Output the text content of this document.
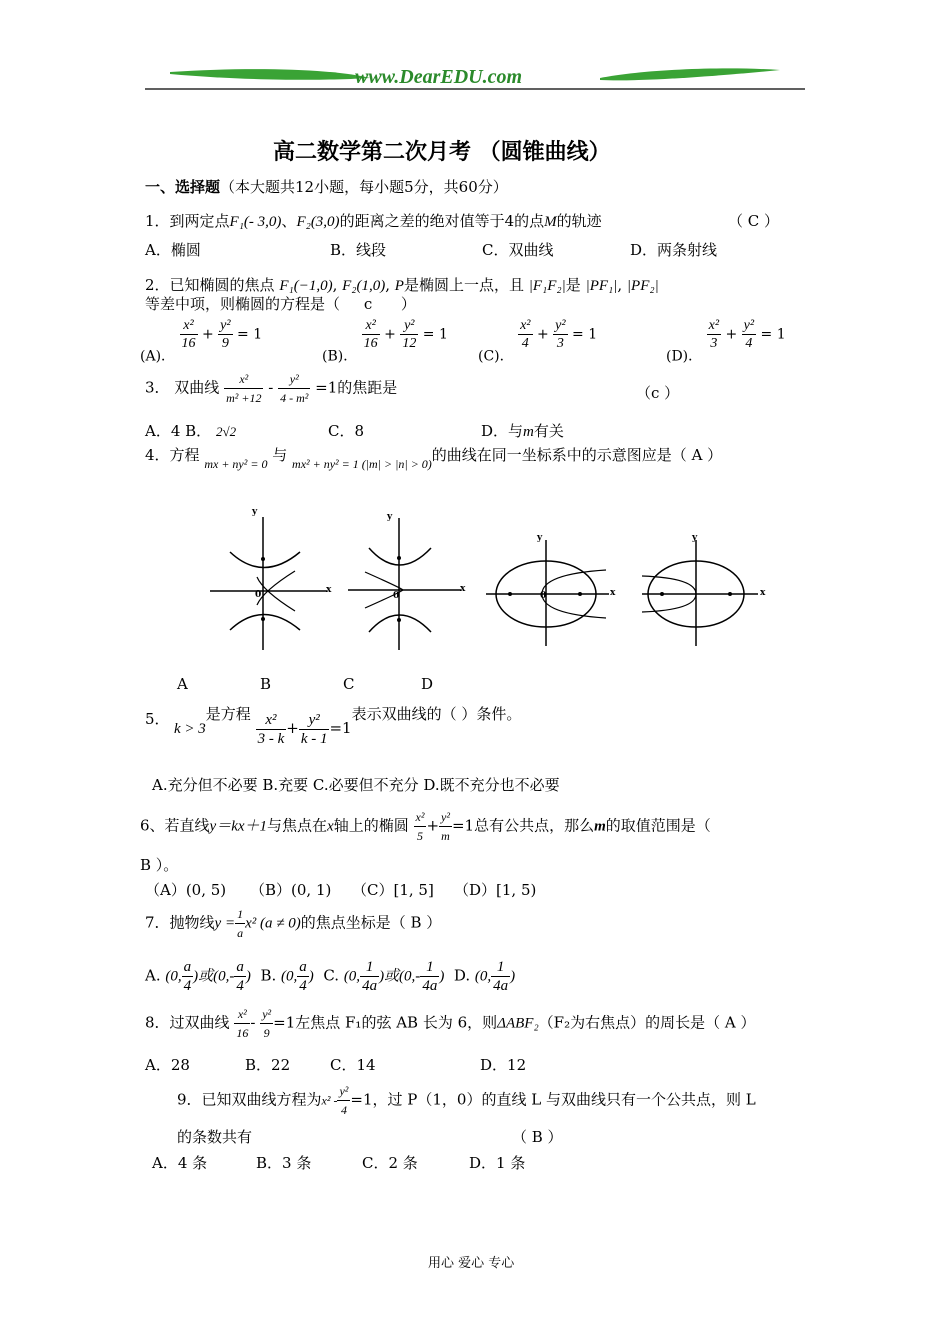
www.DearEDU.com
高二数学第二次月考 （圆锥曲线）
一、选择题（本大题共12小题，每小题5分，共60分）
1．到两定点F₁(- 3,0)、F₂(3,0)的距离之差的绝对值等于4的点M的轨迹	（ C ）
A．椭圆	B．线段	C．双曲线	D．两条射线
2．已知椭圆的焦点 F₁(−1,0), F₂(1,0), P是椭圆上一点，且 |F₁F₂|是 |PF₁|, |PF₂|
等差中项，则椭圆的方程是（ c ）
(A)．
$\frac{\text{x²}}{16} + \frac{\text{y²}}{9} = 1$
(B)．
$\frac{\text{x²}}{16} + \frac{\text{y²}}{12} = 1$
(C)．
$\frac{\text{x²}}{4} + \frac{\text{y²}}{3} = 1$
(D)．
$\frac{\text{x²}}{3} + \frac{\text{y²}}{4} = 1$
3． 双曲线 $\frac{\text{x²}}{\text{m² +12}} - \frac{\text{y²}}{\text{4 - m²}} =1$的焦距是	（c ）
A．4 B． 2√2	C．8	D．与m有关
4．方程 $_{mx + ny^2 = 0}$ 与 $_{mx^2 + ny^2 = 1 (|m| > |n| > 0)}$的曲线在同一坐标系中的示意图应是（ A ）
y
x
0
y
x
0
y
x
0
y
x
A	B	C	D
5．
k > 3是方程 $\frac{\text{x²}}{3 - k} + \frac{\text{y²}}{k - 1} =1$表示双曲线的（ ）条件。
A.充分但不必要 B.充要 C.必要但不充分 D.既不充分也不必要
6、若直线y＝kx＋1与焦点在x轴上的椭圆 $\frac{\text{x²}}{5} + \frac{\text{y²}}{m} =1$总有公共点，那么m的取值范围是（
B ）。
（A）(0, 5) （B）(0, 1) （C）[1, 5] （D）[1, 5)
7．抛物线$y = \frac{1}{a} x^2$ (a ≠ 0)的焦点坐标是（ B ）
A. (0, $\frac{a}{4}$ )或($0,- \frac{a}{4}$ ) B. (0, $\frac{a}{4}$ ) C. (0, $\frac{1}{4a}$ )或($0,- \frac{1}{4a}$ ) D. (0, $\frac{1}{4a}$ )
8．过双曲线 $\frac{\text{x²}}{16} - \frac{\text{y²}}{9} =1$左焦点 F₁的弦 AB 长为 6，则ΔABF₂（F₂为右焦点）的周长是（ A ）
A．28	B．22	C．14	D．12
9．已知双曲线方程为$x^2 - \frac{\text{y²}}{4} =1$，过 P（1，0）的直线 L 与双曲线只有一个公共点，则 L
的条数共有	（ B ）
A．4 条	B．3 条	C．2 条	D．1 条
用心 爱心 专心
